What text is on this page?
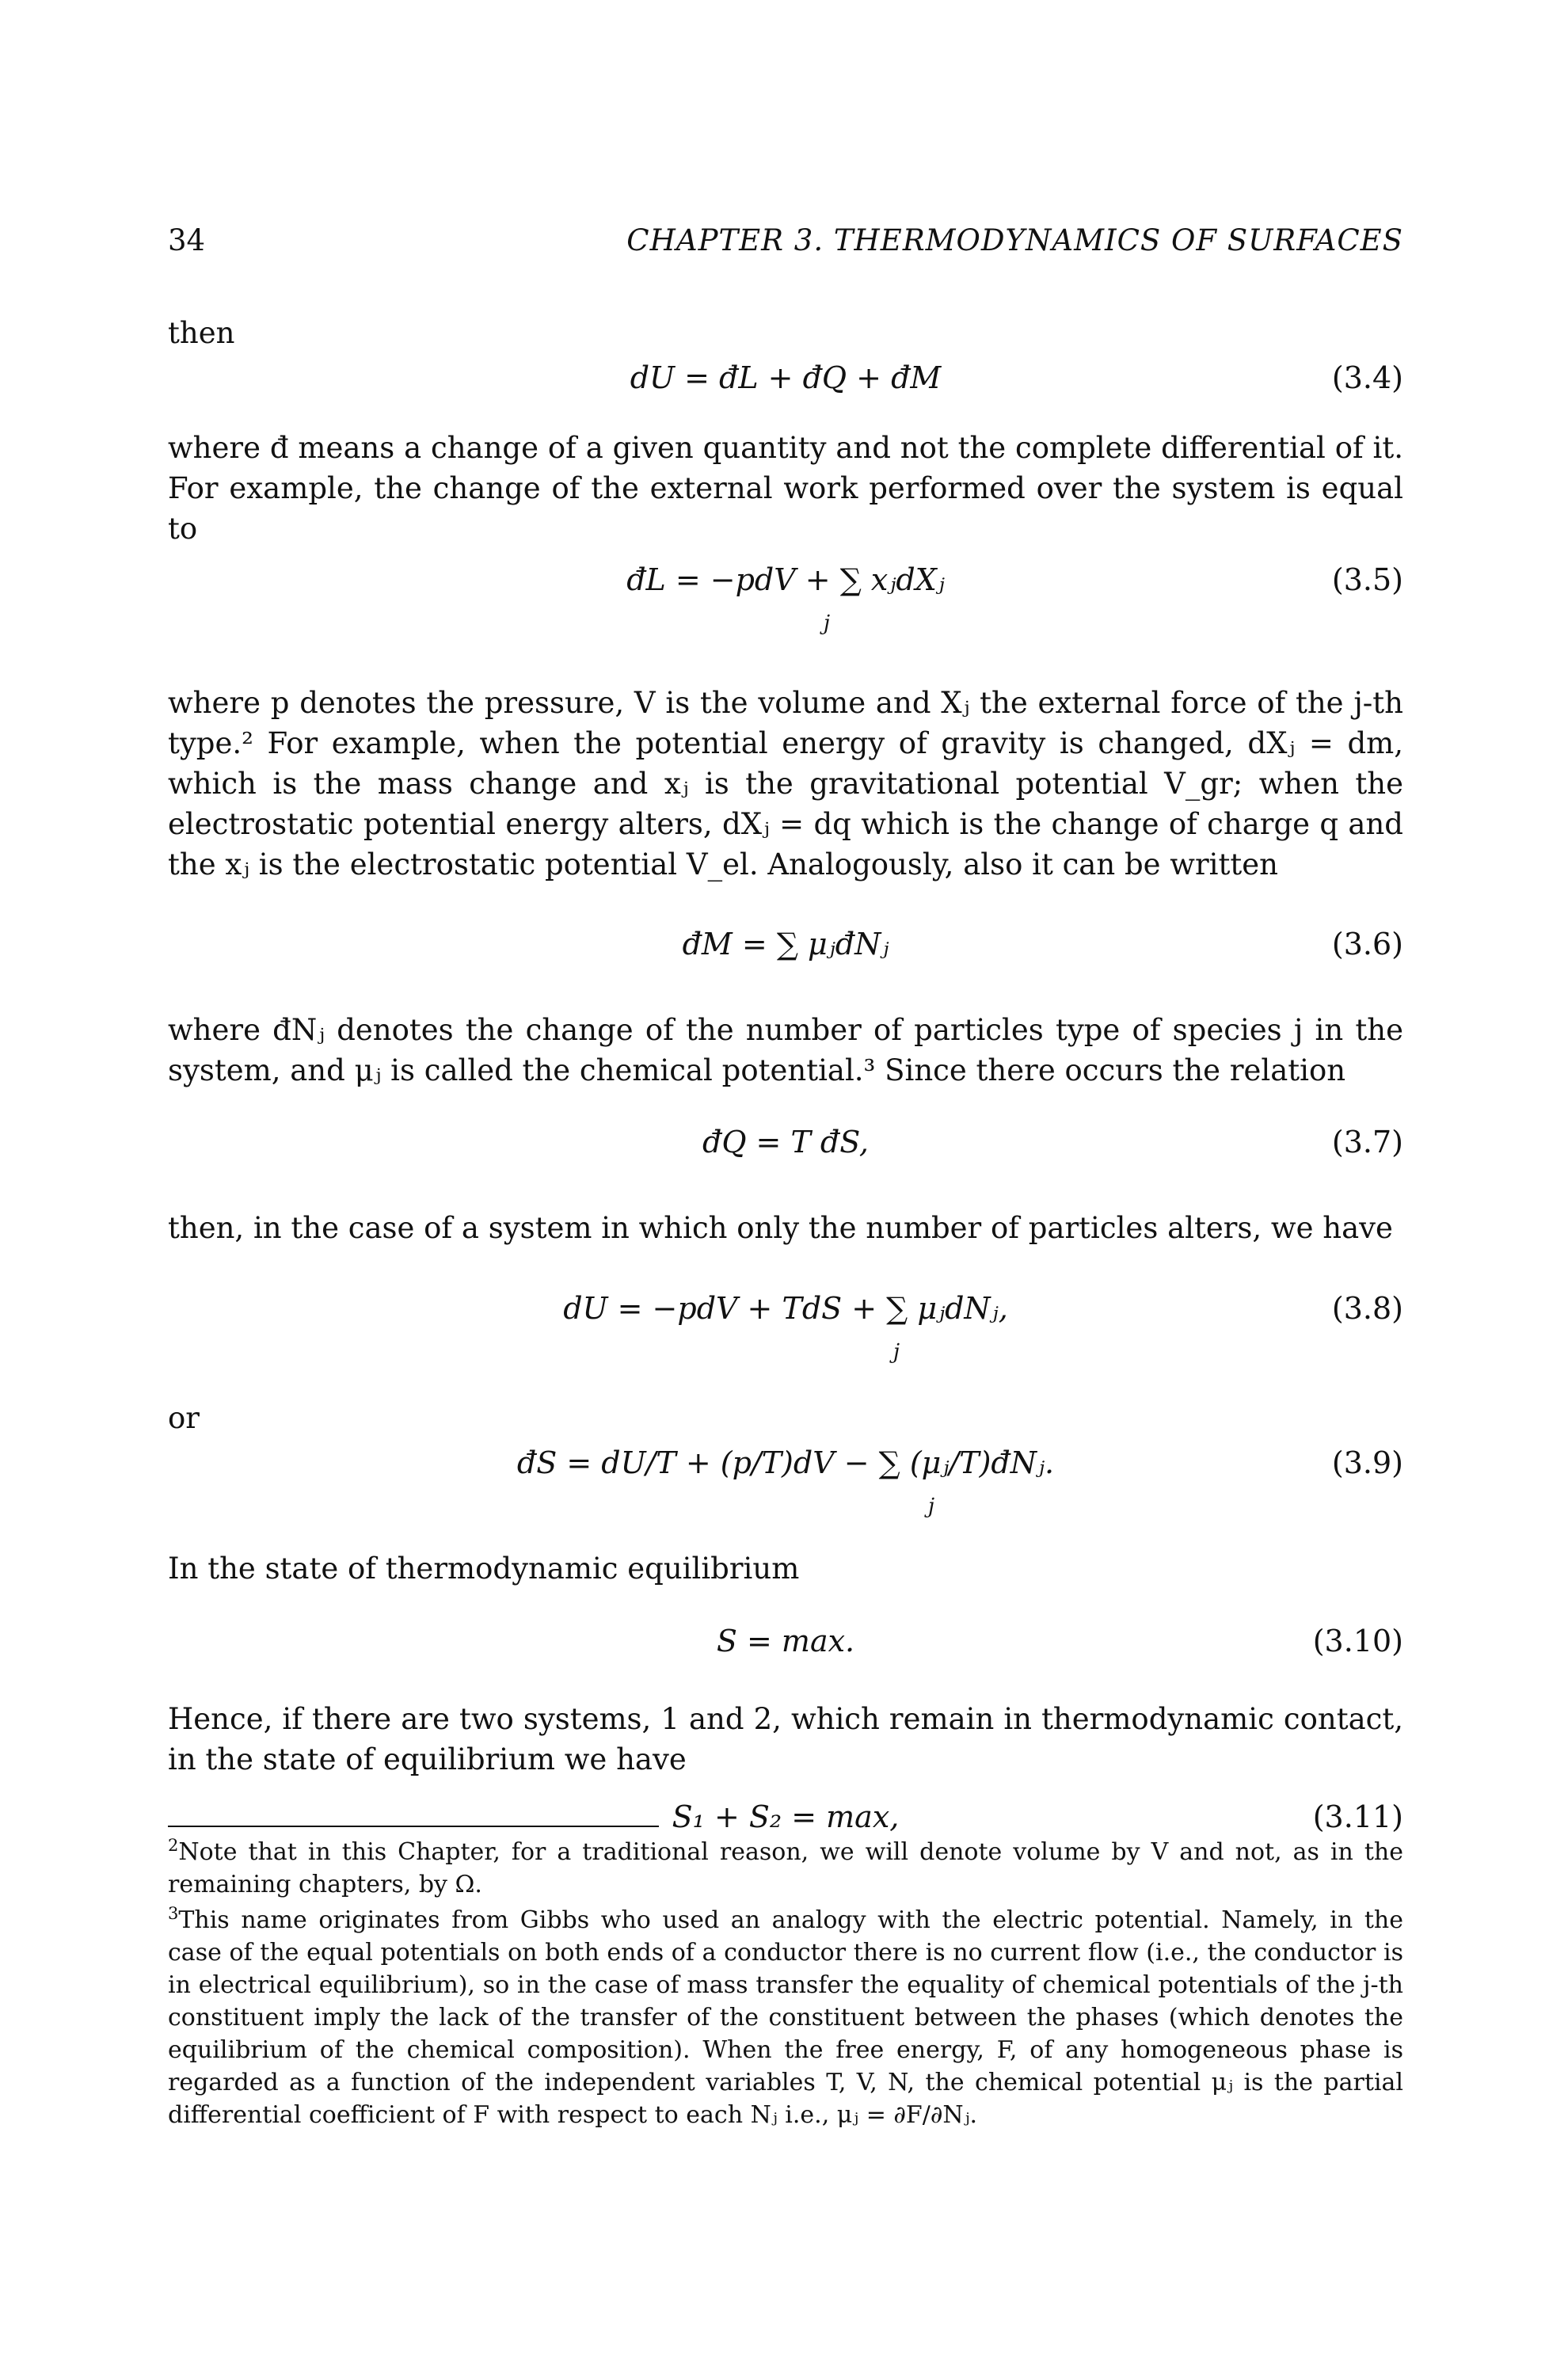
34	CHAPTER 3. THERMODYNAMICS OF SURFACES
then
dU = đL + đQ + đM	(3.4)
where đ means a change of a given quantity and not the complete differential of it. For example, the change of the external work performed over the system is equal to
đL = −pdV + ∑ xⱼdXⱼ
j
(3.5)
where p denotes the pressure, V is the volume and Xⱼ the external force of the j-th type.² For example, when the potential energy of gravity is changed, dXⱼ = dm, which is the mass change and xⱼ is the gravitational potential V_gr; when the electrostatic potential energy alters, dXⱼ = dq which is the change of charge q and the xⱼ is the electrostatic potential V_el. Analogously, also it can be written
đM = ∑ μⱼđNⱼ	(3.6)
where đNⱼ denotes the change of the number of particles type of species j in the system, and μⱼ is called the chemical potential.³ Since there occurs the relation
đQ = T đS,	(3.7)
then, in the case of a system in which only the number of particles alters, we have
dU = −pdV + TdS + ∑ μⱼdNⱼ,
j
(3.8)
or
đS = dU/T + (p/T)dV − ∑ (μⱼ/T)đNⱼ.
j
(3.9)
In the state of thermodynamic equilibrium
S = max.	(3.10)
Hence, if there are two systems, 1 and 2, which remain in thermodynamic contact, in the state of equilibrium we have
S₁ + S₂ = max,	(3.11)
$^2$Note that in this Chapter, for a traditional reason, we will denote volume by V and not, as in the remaining chapters, by Ω.
$^3$This name originates from Gibbs who used an analogy with the electric potential. Namely, in the case of the equal potentials on both ends of a conductor there is no current flow (i.e., the conductor is in electrical equilibrium), so in the case of mass transfer the equality of chemical potentials of the j-th constituent imply the lack of the transfer of the constituent between the phases (which denotes the equilibrium of the chemical composition). When the free energy, F, of any homogeneous phase is regarded as a function of the independent variables T, V, N, the chemical potential μⱼ is the partial differential coefficient of F with respect to each Nⱼ i.e., μⱼ = ∂F/∂Nⱼ.
